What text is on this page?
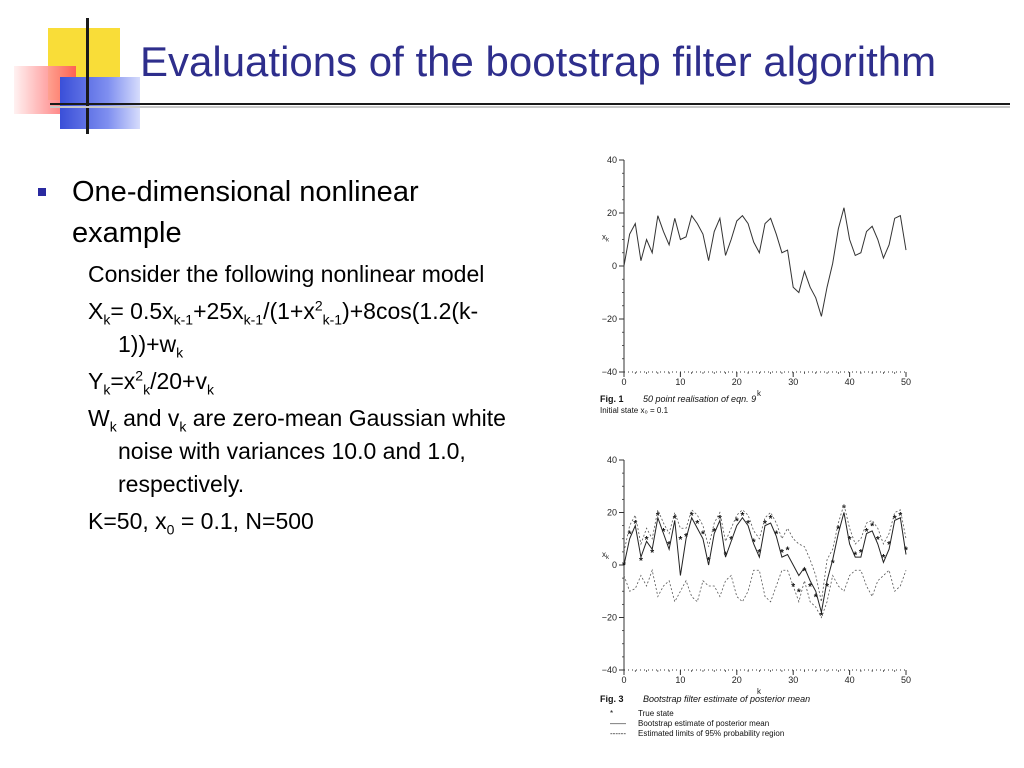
Evaluations of the bootstrap filter algorithm
One-dimensional nonlinear example
Consider the following nonlinear model
$X_k= 0.5x_{k-1}+25x_{k-1}/(1+x^2_{k-1})+8\cos(1.2(k-1))+w_k$
$Y_k=x^2_k/20+v_k$
$W_k$ and $v_k$ are zero-mean Gaussian white noise with variances 10.0 and 1.0, respectively.
K=50, $x_0 = 0.1$, N=500
40
20
0
−20
−40
0	10	20	30	40	50
k
$x_k$
Fig. 1 50 point realisation of eqn. 9
Initial state x₀ = 0.1
40
20
0
−20
−40
0	10	20	30	40	50
k
$x_k$
*
*
*
*
*
*
*
*
*
*
* *
*
*
*
*
*
*
*
*
* *
*
*
*
* *
*
* *
* *
*
*
*
*
*
*
*
*
*
* *
* *
*
*
*
* *
*
Fig. 3 Bootstrap filter estimate of posterior mean
*	True state
—— Bootstrap estimate of posterior mean
------ Estimated limits of 95% probability region
